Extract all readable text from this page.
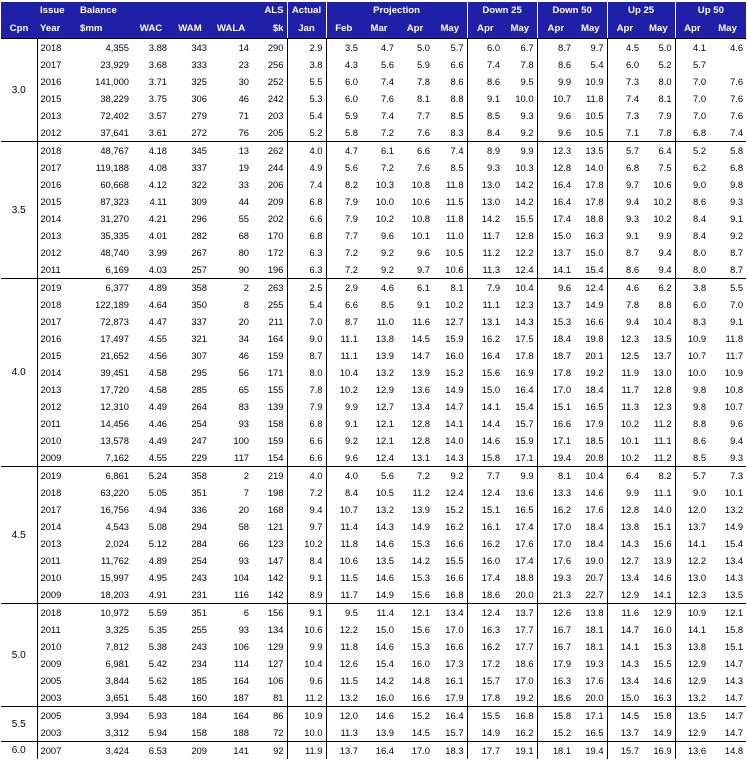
	Issue	Balance				ALS	Actual	Projection				Down 25		Down 50		Up 25		Up 50	
Cpn	Year	$mm	WAC	WAM	WALA	$k	Jan	Feb	Mar	Apr	May	Apr	May	Apr	May	Apr	May	Apr	May
3.0	2018	4,355	3.88	343	14	290	2.9	3.5	4.7	5.0	5.7	6.0	6.7	8.7	9.7	4.5	5.0	4.1	4.6
	2017	23,929	3.68	333	23	256	3.8	4.3	5.6	5.9	6.6	7.4	7.8	8.6	5.4	6.0	5.2	5.7	
	2016	141,000	3.71	325	30	252	5.5	6.0	7.4	7.8	8.6	8.6	9.5	9.9	10.9	7.3	8.0	7.0	7.6
	2015	38,229	3.75	306	46	242	5.3	6.0	7.6	8.1	8.8	9.1	10.0	10.7	11.8	7.4	8.1	7.0	7.6
	2013	72,402	3.57	279	71	203	5.4	5.9	7.4	7.7	8.5	8.5	9.3	9.6	10.5	7.3	7.9	7.0	7.6
	2012	37,641	3.61	272	76	205	5.2	5.8	7.2	7.6	8.3	8.4	9.2	9.6	10.5	7.1	7.8	6.8	7.4
3.5	2018	48,767	4.18	345	13	262	4.0	4.7	6.1	6.6	7.4	8.9	9.9	12.3	13.5	5.7	6.4	5.2	5.8
	2017	119,188	4.08	337	19	244	4.9	5.6	7.2	7.6	8.5	9.3	10.3	12.8	14.0	6.8	7.5	6.2	6.8
	2016	60,668	4.12	322	33	206	7.4	8.2	10.3	10.8	11.8	13.0	14.2	16.4	17.8	9.7	10.6	9.0	9.8
	2015	87,323	4.11	309	44	209	6.8	7.9	10.0	10.6	11.5	13.0	14.2	16.4	17.8	9.4	10.2	8.6	9.3
	2014	31,270	4.21	296	55	202	6.6	7.9	10.2	10.8	11.8	14.2	15.5	17.4	18.8	9.3	10.2	8.4	9.1
	2013	35,335	4.01	282	68	170	6.8	7.7	9.6	10.1	11.0	11.7	12.8	15.0	16.3	9.1	9.9	8.4	9.2
	2012	48,740	3.99	267	80	172	6.3	7.2	9.2	9.6	10.5	11.2	12.2	13.7	15.0	8.7	9.4	8.0	8.7
	2011	6,169	4.03	257	90	196	6.3	7.2	9.2	9.7	10.6	11.3	12.4	14.1	15.4	8.6	9.4	8.0	8.7
4.0	2019	6,377	4.89	358	2	263	2.5	2.9	4.6	6.1	8.1	7.9	10.4	9.6	12.4	4.6	6.2	3.8	5.5
	2018	122,189	4.64	350	8	255	5.4	6.6	8.5	9.1	10.2	11.1	12.3	13.7	14.9	7.8	8.8	6.0	7.0
	2017	72,873	4.47	337	20	211	7.0	8.7	11.0	11.6	12.7	13.1	14.3	15.3	16.6	9.4	10.4	8.3	9.1
	2016	17,497	4.55	321	34	164	9.0	11.1	13.8	14.5	15.9	16.2	17.5	18.4	19.8	12.3	13.5	10.9	11.8
	2015	21,652	4.56	307	46	159	8.7	11.1	13.9	14.7	16.0	16.4	17.8	18.7	20.1	12.5	13.7	10.7	11.7
	2014	39,451	4.58	295	56	171	8.0	10.4	13.2	13.9	15.2	15.6	16.9	17.8	19.2	11.9	13.0	10.0	10.9
	2013	17,720	4.58	285	65	155	7.8	10.2	12.9	13.6	14.9	15.0	16.4	17.0	18.4	11.7	12.8	9.8	10.8
	2012	12,310	4.49	264	83	139	7.9	9.9	12.7	13.4	14.7	14.1	15.4	15.1	16.5	11.3	12.3	9.8	10.7
	2011	14,456	4.46	254	93	158	6.8	9.1	12.1	12.8	14.1	14.4	15.7	16.6	17.9	10.2	11.2	8.8	9.6
	2010	13,578	4.49	247	100	159	6.6	9.2	12.1	12.8	14.0	14.6	15.9	17.1	18.5	10.1	11.1	8.6	9.4
	2009	7,162	4.55	229	117	154	6.6	9.6	12.4	13.1	14.3	15.8	17.1	19.4	20.8	10.2	11.2	8.5	9.3
4.5	2019	6,861	5.24	358	2	219	4.0	4.0	5.6	7.2	9.2	7.7	9.9	8.1	10.4	6.4	8.2	5.7	7.3
	2018	63,220	5.05	351	7	198	7.2	8.4	10.5	11.2	12.4	12.4	13.6	13.3	14.6	9.9	11.1	9.0	10.1
	2017	16,756	4.94	336	20	168	9.4	10.7	13.2	13.9	15.2	15.1	16.5	16.2	17.6	12.8	14.0	12.0	13.2
	2014	4,543	5.08	294	58	121	9.7	11.4	14.3	14.9	16.2	16.1	17.4	17.0	18.4	13.8	15.1	13.7	14.9
	2013	2,024	5.12	284	66	123	10.2	11.8	14.6	15.3	16.6	16.2	17.6	17.0	18.4	14.3	15.6	14.1	15.4
	2011	11,762	4.89	254	93	147	8.4	10.6	13.5	14.2	15.5	16.0	17.4	17.6	19.0	12.7	13.9	12.2	13.4
	2010	15,997	4.95	243	104	142	9.1	11.5	14.6	15.3	16.6	17.4	18.8	19.3	20.7	13.4	14.6	13.0	14.3
	2009	18,203	4.91	231	116	142	8.9	11.7	14.9	15.6	16.8	18.6	20.0	21.3	22.7	12.9	14.1	12.3	13.5
5.0	2018	10,972	5.59	351	6	156	9.1	9.5	11.4	12.1	13.4	12.4	13.7	12.6	13.8	11.6	12.9	10.9	12.1
	2011	3,325	5.35	255	93	134	10.6	12.2	15.0	15.6	17.0	16.3	17.7	16.7	18.1	14.7	16.0	14.1	15.8
	2010	7,812	5.38	243	106	129	9.9	11.8	14.6	15.3	16.6	16.2	17.7	16.7	18.1	14.1	15.3	13.8	15.1
	2009	6,981	5.42	234	114	127	10.4	12.6	15.4	16.0	17.3	17.2	18.6	17.9	19.3	14.3	15.5	12.9	14.7
	2005	3,844	5.62	185	164	106	9.6	11.5	14.2	14.8	16.1	15.7	17.0	16.3	17.6	13.4	14.6	12.9	14.3
	2003	3,651	5.48	160	187	81	11.2	13.2	16.0	16.6	17.9	17.8	19.2	18.6	20.0	15.0	16.3	13.2	14.7
5.5	2005	3,994	5.93	184	164	86	10.9	12.0	14.6	15.2	16.4	15.5	16.8	15.8	17.1	14.5	15.8	13.5	14.7
	2003	3,312	5.94	158	188	72	10.0	11.3	13.9	14.5	15.7	14.9	16.2	15.2	16.5	13.7	14.9	12.9	14.7
6.0	2007	3,424	6.53	209	141	92	11.9	13.7	16.4	17.0	18.3	17.7	19.1	18.1	19.4	15.7	16.9	13.6	14.8
